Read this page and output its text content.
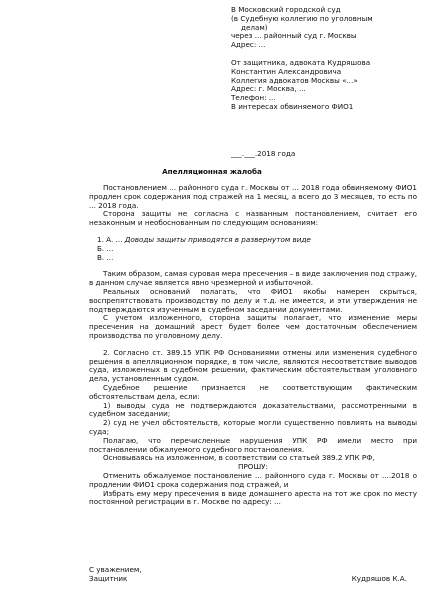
В Московский городской суд
(в Судебную коллегию по уголовным
делам)
через ... районный суд г. Москвы
Адрес: ...
От защитника, адвоката Кудряшова
Константин Александровича
Коллегия адвокатов Москвы «...»
Адрес: г. Москва, ...
Телефон: ...
В интересах обвиняемого ФИО1
___.___.2018 года
Апелляционная жалоба

Постановлением ... районного суда г. Москвы от ... 2018 года обвиняемому ФИО1 продлен срок содержания под стражей на 1 месяц, а всего до 3 месяцев, то есть по ... 2018 года.

Сторона защиты не согласна с названным постановлением, считает его незаконным и необоснованным по следующим основаниям:

1. А. ... Доводы защиты приводятся в развернутом виде

Б. ...

В. ...

Таким образом, самая суровая мера пресечения – в виде заключения под стражу, в данном случае является явно чрезмерной и избыточной.

Реальных оснований полагать, что ФИО1 якобы намерен скрыться, воспрепятствовать производству по делу и т.д. не имеется, и эти утверждения не подтверждаются изученным в судебном заседании документами.

С учетом изложенного, сторона защиты полагает, что изменение меры пресечения на домашний арест будет более чем достаточным обеспечением производства по уголовному делу.

2. Согласно ст. 389.15 УПК РФ Основаниями отмены или изменения судебного решения в апелляционном порядке, в том числе, являются несоответствие выводов суда, изложенных в судебном решении, фактическим обстоятельствам уголовного дела, установленным судом.

Судебное решение признается не соответствующим фактическим обстоятельствам дела, если:

1) выводы суда не подтверждаются доказательствами, рассмотренными в судебном заседании;

2) суд не учел обстоятельств, которые могли существенно повлиять на выводы суда;

Полагаю, что перечисленные нарушения УПК РФ имели место при постановлении обжалуемого судебного постановления.

Основываясь на изложенном, в соответствии со статьей 389.2 УПК РФ,

ПРОШУ:

Отменить обжалуемое постановление ... районного суда г. Москвы от ....2018 о продлении ФИО1 срока содержания под стражей, и

Избрать ему меру пресечения в виде домашнего ареста на тот же срок по месту постоянной регистрации в г. Москве по адресу: ...

С уважением,
Защитник	Кудряшов К.А.
